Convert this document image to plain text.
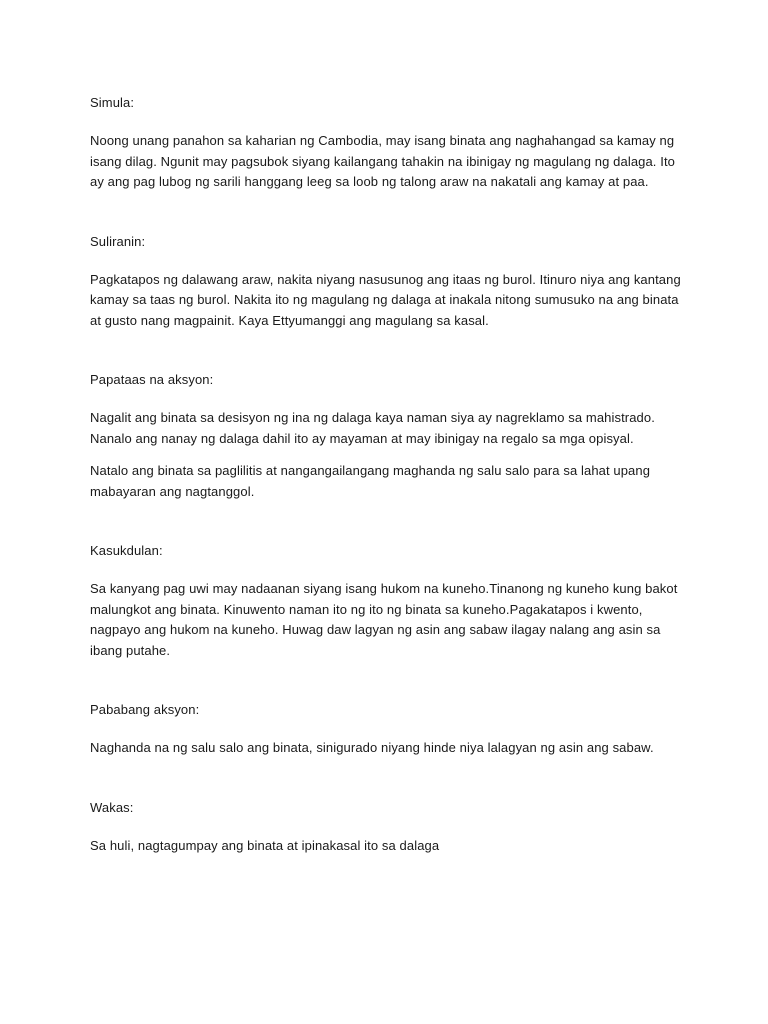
Simula:

Noong unang panahon sa kaharian ng Cambodia, may isang binata ang naghahangad sa kamay ng isang dilag. Ngunit may pagsubok siyang kailangang tahakin na ibinigay ng magulang ng dalaga. Ito ay ang pag lubog ng sarili hanggang leeg sa loob ng talong araw na nakatali ang kamay at paa.

Suliranin:

Pagkatapos ng dalawang araw, nakita niyang nasusunog ang itaas ng burol. Itinuro niya ang kantang kamay sa taas ng burol. Nakita ito ng magulang ng dalaga at inakala nitong sumusuko na ang binata at gusto nang magpainit. Kaya Ettyumanggi ang magulang sa kasal.

Papataas na aksyon:

Nagalit ang binata sa desisyon ng ina ng dalaga kaya naman siya ay nagreklamo sa mahistrado. Nanalo ang nanay ng dalaga dahil ito ay mayaman at may ibinigay na regalo sa mga opisyal.

Natalo ang binata sa paglilitis at nangangailangang maghanda ng salu salo para sa lahat upang mabayaran ang nagtanggol.

Kasukdulan:

Sa kanyang pag uwi may nadaanan siyang isang hukom na kuneho.Tinanong ng kuneho kung bakot malungkot ang binata. Kinuwento naman ito ng ito ng binata sa kuneho.Pagakatapos i kwento, nagpayo ang hukom na kuneho. Huwag daw lagyan ng asin ang sabaw ilagay nalang ang asin sa ibang putahe.

Pababang aksyon:

Naghanda na ng salu salo ang binata, sinigurado niyang hinde niya lalagyan ng asin ang sabaw.

Wakas:

Sa huli, nagtagumpay ang binata at ipinakasal ito sa dalaga
